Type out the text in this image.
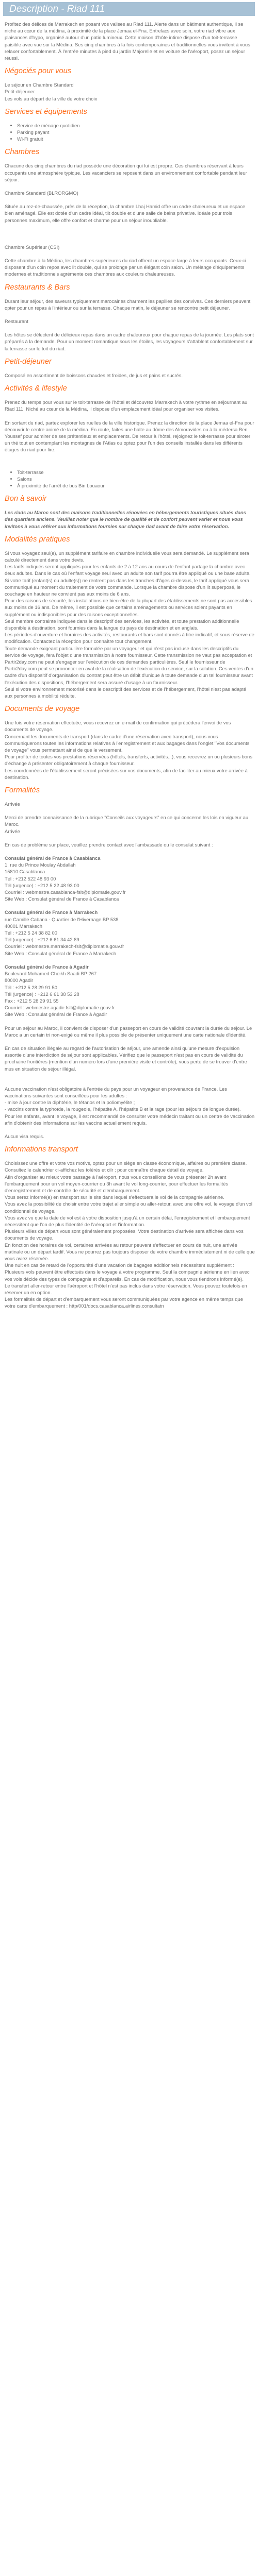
Description - Riad 111

Profitez des délices de Marrakech en posant vos valises au Riad 111. Alerte dans un bâtiment authentique, il se niche au cœur de la médina, à proximité de la place Jemaa el-Fna. Entrelacs avec soin, votre riad vibre aux plaisances d'hypo, organisé autour d'un patio lumineux. Cette maison d'hôte intime dispose d'un toit-terrasse paisible avec vue sur la Médina. Ses cinq chambres à la fois contemporaines et traditionnelles vous invitent à vous relaxer confortablement. À l'entrée minutes à pied du jardin Majorelle et en voiture de l'aéroport, posez un séjour réussi.

Négociés pour vous

Le séjour en Chambre Standard

Petit-déjeuner

Les vols au départ de la ville de votre choix

Services et équipements
• Service de ménage quotidien
• Parking payant
• Wi-Fi gratuit
Chambres

Chacune des cinq chambres du riad possède une décoration qui lui est propre. Ces chambres réservant à leurs occupants une atmosphère typique. Les vacanciers se reposent dans un environnement confortable pendant leur séjour.

Chambre Standard (BLRORGMO)

Située au rez-de-chaussée, près de la réception, la chambre Lhaj Hamid offre un cadre chaleureux et un espace bien aménagé. Elle est dotée d'un cadre idéal, tilt double et d'une salle de bains privative. Idéale pour trois personnes maximum, elle offre confort et charme pour un séjour inoubliable.

Chambre Supérieur (CSI)

Cette chambre à la Médina, les chambres supérieures du riad offrent un espace large à leurs occupants. Ceux-ci disposent d'un coin repos avec lit double, qui se prolonge par un élégant coin salon. Un mélange d'équipements modernes et traditionnels agrémente ces chambres aux couleurs chaleureuses.

Restaurants & Bars

Durant leur séjour, des saveurs typiquement marocaines charment les papilles des convives. Ces derniers peuvent opter pour un repas à l'intérieur ou sur la terrasse. Chaque matin, le déjeuner se rencontre petit déjeuner.

Restaurant

Les hôtes se délectent de délicieux repas dans un cadre chaleureux pour chaque repas de la journée. Les plats sont préparés à la demande. Pour un moment romantique sous les étoiles, les voyageurs s'attablent confortablement sur la terrasse sur le toit du riad.

Petit-déjeuner

Composé en assortiment de boissons chaudes et froides, de jus et pains et sucrés.

Activités & lifestyle

Prenez du temps pour vous sur le toit-terrasse de l'hôtel et découvrez Marrakech à votre rythme en séjournant au Riad 111. Niché au cœur de la Médina, il dispose d'un emplacement idéal pour organiser vos visites.

En sortant du riad, partez explorer les ruelles de la ville historique. Prenez la direction de la place Jemaa el-Fna pour découvrir le centre animé de la médina. En route, faites une halte au dôme des Almoravides ou à la médersa Ben Youssef pour admirer de ses prétentieux et emplacements. De retour à l'hôtel, rejoignez le toit-terrasse pour siroter un thé tout en contemplant les montagnes de l'Atlas ou optez pour l'un des conseils installés dans les différents étages du riad pour lire.

• Toit-terrasse
• Salons
• À proximité de l'arrêt de bus Bin Louaour
Bon à savoir

Les riads au Maroc sont des maisons traditionnelles rénovées en hébergements touristiques situés dans des quartiers anciens. Veuillez noter que le nombre de qualité et de confort peuvent varier et nous vous invitons à vous référer aux informations fournies sur chaque riad avant de faire votre réservation.

Modalités pratiques

Si vous voyagez seul(e), un supplément tarifaire en chambre individuelle vous sera demandé. Le supplément sera calculé directement dans votre devis.

Les tarifs indiqués seront appliqués pour les enfants de 2 à 12 ans au cours de l'enfant partage la chambre avec deux adultes. Dans le cas où l'enfant voyage seul avec un adulte son tarif pourra être appliqué ou une base adulte. Si votre tarif (enfant(s) ou adulte(s)) ne rentrent pas dans les tranches d'âges ci-dessus, le tarif appliqué vous sera communiqué au moment du traitement de votre commande. Lorsque la chambre dispose d'un lit superposé, le couchage en hauteur ne convient pas aux moins de 6 ans.

Pour des raisons de sécurité, les installations de bien-être de la plupart des établissements ne sont pas accessibles aux moins de 16 ans. De même, il est possible que certains aménagements ou services soient payants en supplément ou indisponibles pour des raisons exceptionnelles.

Seul membre contrainte indiquée dans le descriptif des services, les activités, et toute prestation additionnelle disponible à destination, sont fournies dans la langue du pays de destination et en anglais.

Les périodes d'ouverture et horaires des activités, restaurants et bars sont donnés à titre indicatif, et sous réserve de modification. Contactez la réception pour connaître tout changement.

Toute demande exigeant particulière formulée par un voyageur et qui n'est pas incluse dans les descriptifs du service de voyage, fera l'objet d'une transmission à notre fournisseur. Cette transmission ne vaut pas acceptation et Partir2day.com ne peut s'engager sur l'exécution de ces demandes particulières. Seul le fournisseur de Partir2day.com peut se prononcer en aval de la réalisation de l'exécution du service, sur la solution. Ces ventes d'un cadre d'un dispositif d'organisation du contrat peut être un débit d'unique à toute demande d'un tel fournisseur avant l'exécution des dispositions, l'hébergement sera assuré d'usage à un fournisseur.

Seul si votre environnement motorisé dans le descriptif des services et de l'hébergement, l'hôtel n'est pas adapté aux personnes à mobilité réduite.

Documents de voyage

Une fois votre réservation effectuée, vous recevrez un e-mail de confirmation qui précédera l'envoi de vos documents de voyage.

Concernant les documents de transport (dans le cadre d'une réservation avec transport), nous vous communiquerons toutes les informations relatives à l'enregistrement et aux bagages dans l'onglet "Vos documents de voyage" vous permettant ainsi de que le versement.

Pour profiter de toutes vos prestations réservées (hôtels, transferts, activités...), vous recevrez un ou plusieurs bons d'échange à présenter obligatoirement à chaque fournisseur.

Les coordonnées de l'établissement seront précisées sur vos documents, afin de faciliter au mieux votre arrivée à destination.

Formalités

Arrivée

Merci de prendre connaissance de la rubrique "Conseils aux voyageurs" en ce qui concerne les lois en vigueur au Maroc.

Arrivée

En cas de problème sur place, veuillez prendre contact avec l'ambassade ou le consulat suivant :

Consulat général de France à Casablanca

1, rue du Prince Moulay Abdallah

15810 Casablanca

Tél : +212 522 48 93 00

Tél (urgence) : +212 5 22 48 93 00

Courriel : webmestre.casablanca-fslt@diplomatie.gouv.fr

Site Web : Consulat général de France à Casablanca

Consulat général de France à Marrakech

rue Camille Cabana - Quartier de l'Hivernage BP 538

40001 Marrakech

Tél : +212 5 24 38 82 00

Tél (urgence) : +212 6 61 34 42 89

Courriel : webmestre.marrakech-fslt@diplomatie.gouv.fr

Site Web : Consulat général de France à Marrakech

Consulat général de France à Agadir

Boulevard Mohamed Cheikh Saadi BP 267

80000 Agadir

Tél : +212 5 28 29 91 50

Tél (urgence) : +212 6 61 38 53 28

Fax : +212 5 28 29 91 55

Courriel : webmestre.agadir-fslt@diplomatie.gouv.fr

Site Web : Consulat général de France à Agadir

Pour un séjour au Maroc, il convient de disposer d'un passeport en cours de validité couvrant la durée du séjour. Le Maroc a un certain tri non-exigé ou même il plus possible de présenter uniquement une carte nationale d'identité.

En cas de situation illégale au regard de l'autorisation de séjour, une amende ainsi qu'une mesure d'expulsion assortie d'une interdiction de séjour sont applicables. Vérifiez que le passeport n'est pas en cours de validité du prochaine frontières (mention d'un numéro lors d'une première visite et contrôle), vous perte de se trouver d'entre mus en situation de séjour illégal.

Aucune vaccination n'est obligatoire à l'entrée du pays pour un voyageur en provenance de France. Les vaccinations suivantes sont conseillées pour les adultes :
- mise à jour contre la diphtérie, le tétanos et la poliomyélite ;
- vaccins contre la typhoïde, la rougeole, l'hépatite A, l'hépatite B et la rage (pour les séjours de longue durée).
Pour les enfants, avant le voyage, il est recommandé de consulter votre médecin traitant ou un centre de vaccination afin d'obtenir des informations sur les vaccins actuellement requis.

Aucun visa requis.

Informations transport

Choisissez une offre et votre vos motivs, optez pour un siège en classe économique, affaires ou première classe.

Consultez le calendrier ci-affichez les tolérés et cilr ; pour connaître chaque détail de voyage.

Afin d'organiser au mieux votre passage à l'aéroport, nous vous conseillons de vous présenter 2h avant l'embarquement pour un vol moyen-courrier ou 3h avant le vol long-courrier, pour effectuer les formalités d'enregistrement et de contrôle de sécurité et d'embarquement.

Vous serez informé(e) en transport sur le site dans lequel s'effectuera le vol de la compagnie aérienne.

Vous avez la possibilité de choisir entre votre trajet aller simple ou aller-retour, avec une offre vol, le voyage d'un vol conditionnel de voyage.

Vous avez vu que la date de vol est à votre disposition jusqu'à un certain délai, l'enregistrement et l'embarquement nécessitent que l'on de plus l'identité de l'aéroport et l'information.

Plusieurs villes de départ vous sont généralement proposées. Votre destination d'arrivée sera affichée dans vos documents de voyage.

En fonction des horaires de vol, certaines arrivées au retour peuvent s'effectuer en cours de nuit, une arrivée matinale ou un départ tardif. Vous ne pourrez pas toujours disposer de votre chambre immédiatement ni de celle que vous aviez réservée.

Une nuit en cas de retard de l'opportunité d'une vacation de bagages additionnels nécessitent supplément :

Plusieurs vols peuvent être effectués dans le voyage à votre programme. Seul la compagnie aérienne en lien avec vos vols décide des types de compagnie et d'appareils. En cas de modification, nous vous tiendrons informé(e).

Le transfert aller-retour entre l'aéroport et l'hôtel n'est pas inclus dans votre réservation. Vous pouvez toutefois en réserver un en option.

Les formalités de départ et d'embarquement vous seront communiquées par votre agence en même temps que votre carte d'embarquement : http/001/docs.casablanca.airlines.consultatn
